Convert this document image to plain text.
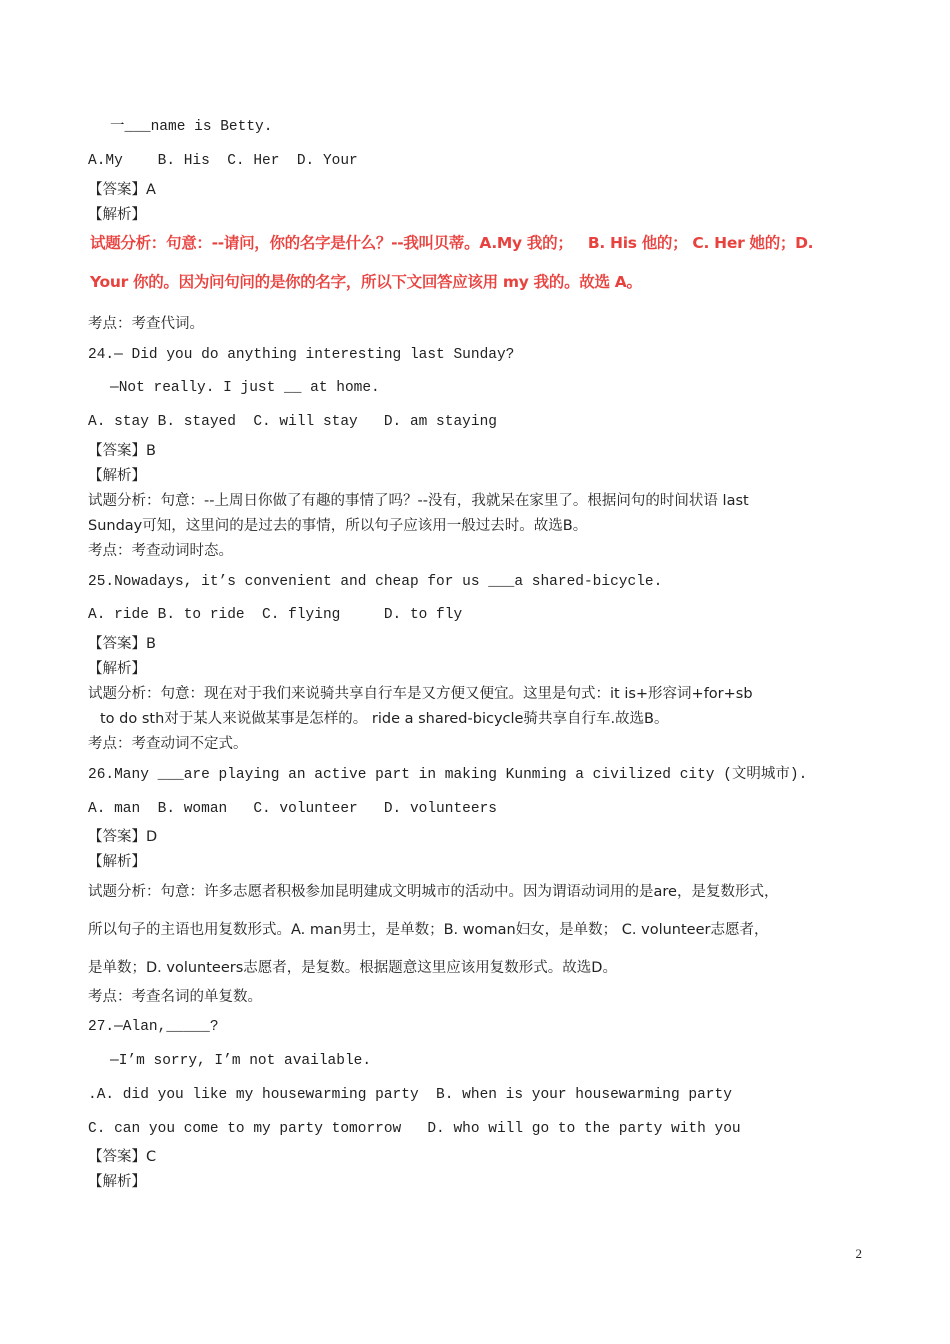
一___name is Betty.
A.My    B. His  C. Her  D. Your
【答案】A
【解析】
试题分析：句意：--请问，你的名字是什么？--我叫贝蒂。A.My 我的；   B. His 他的； C. Her 她的；D.
Your 你的。因为问句问的是你的名字，所以下文回答应该用 my 我的。故选 A。
考点：考查代词。
24.— Did you do anything interesting last Sunday?
—Not really. I just __ at home.
A. stay B. stayed  C. will stay   D. am staying
【答案】B
【解析】
试题分析：句意：--上周日你做了有趣的事情了吗？--没有，我就呆在家里了。根据问句的时间状语 last
Sunday可知，这里问的是过去的事情，所以句子应该用一般过去时。故选B。
考点：考查动词时态。
25.Nowadays, it’s convenient and cheap for us ___a shared-bicycle.
A. ride B. to ride  C. flying     D. to fly
【答案】B
【解析】
试题分析：句意：现在对于我们来说骑共享自行车是又方便又便宜。这里是句式：it is+形容词+for+sb
to do sth对于某人来说做某事是怎样的。 ride a shared-bicycle骑共享自行车.故选B。
考点：考查动词不定式。
26.Many ___are playing an active part in making Kunming a civilized city (文明城市).
A. man  B. woman   C. volunteer   D. volunteers
【答案】D
【解析】
试题分析：句意：许多志愿者积极参加昆明建成文明城市的活动中。因为谓语动词用的是are，是复数形式，
所以句子的主语也用复数形式。A. man男士，是单数；B. woman妇女，是单数； C. volunteer志愿者，
是单数；D. volunteers志愿者，是复数。根据题意这里应该用复数形式。故选D。
考点：考查名词的单复数。
27.—Alan,_____?
—I’m sorry, I’m not available.
.A. did you like my housewarming party  B. when is your housewarming party
C. can you come to my party tomorrow   D. who will go to the party with you
【答案】C
【解析】
2
